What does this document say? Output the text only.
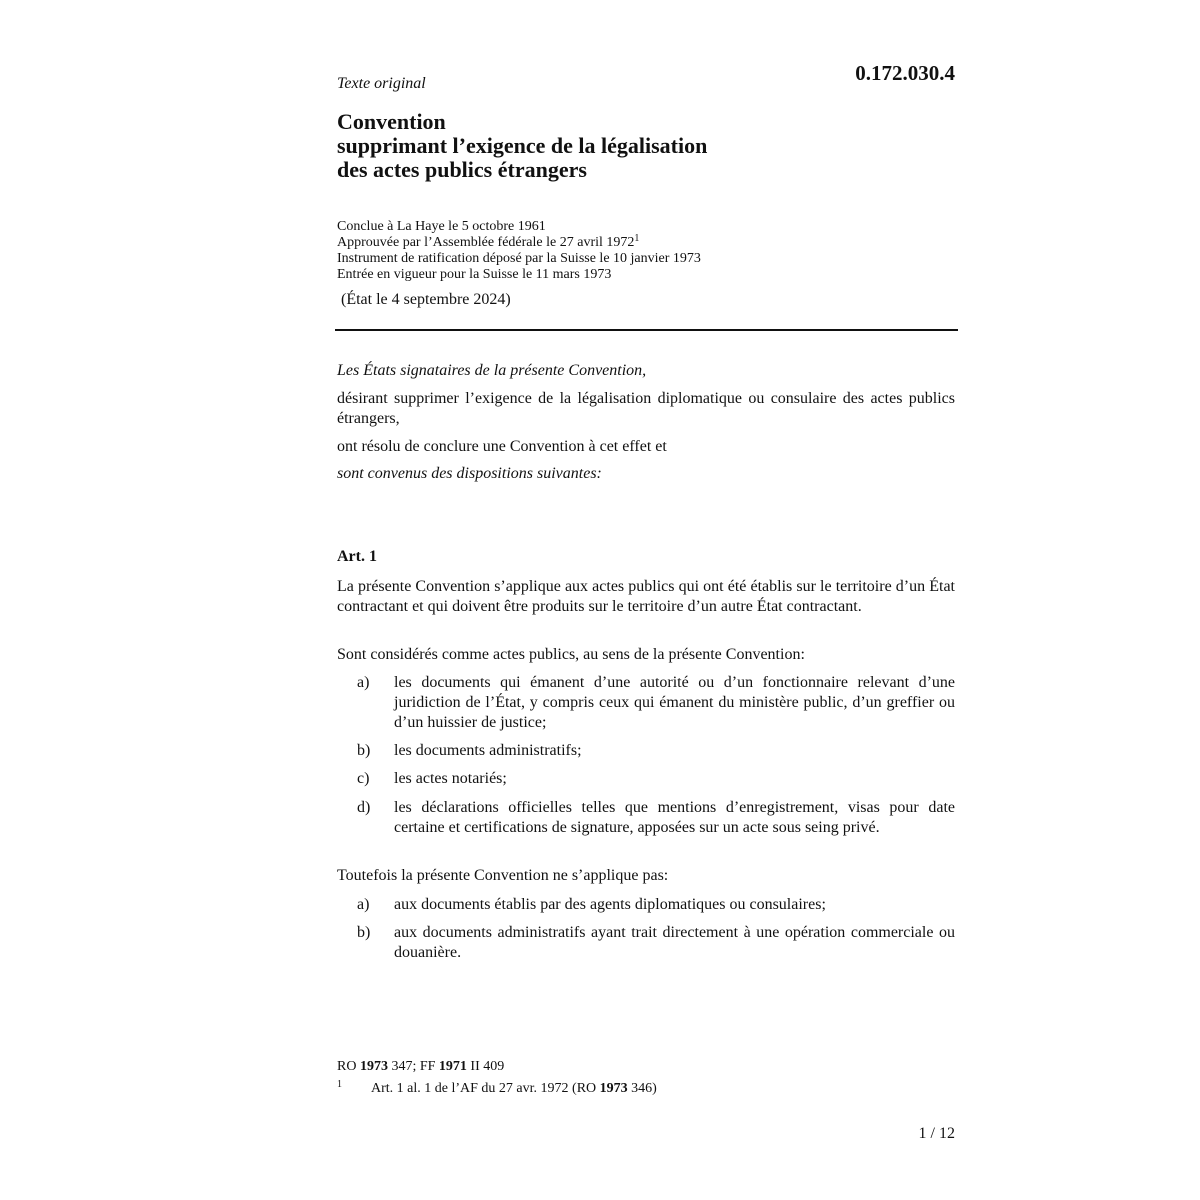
Texte original	0.172.030.4
Convention
supprimant l’exigence de la légalisation
des actes publics étrangers
Conclue à La Haye le 5 octobre 1961
Approuvée par l’Assemblée fédérale le 27 avril 1972$^1$
Instrument de ratification déposé par la Suisse le 10 janvier 1973
Entrée en vigueur pour la Suisse le 11 mars 1973
(État le 4 septembre 2024)
Les États signataires de la présente Convention,
désirant supprimer l’exigence de la légalisation diplomatique ou consulaire des actes publics étrangers,
ont résolu de conclure une Convention à cet effet et
sont convenus des dispositions suivantes:
Art. 1
La présente Convention s’applique aux actes publics qui ont été établis sur le territoire d’un État contractant et qui doivent être produits sur le territoire d’un autre État contractant.
Sont considérés comme actes publics, au sens de la présente Convention:
a) les documents qui émanent d’une autorité ou d’un fonctionnaire relevant d’une juridiction de l’État, y compris ceux qui émanent du ministère public, d’un greffier ou d’un huissier de justice;
b) les documents administratifs;
c) les actes notariés;
d) les déclarations officielles telles que mentions d’enregistrement, visas pour date certaine et certifications de signature, apposées sur un acte sous seing privé.
Toutefois la présente Convention ne s’applique pas:
a) aux documents établis par des agents diplomatiques ou consulaires;
b) aux documents administratifs ayant trait directement à une opération commerciale ou douanière.
RO 1973 347; FF 1971 II 409
1 Art. 1 al. 1 de l’AF du 27 avr. 1972 (RO 1973 346)
1 / 12
